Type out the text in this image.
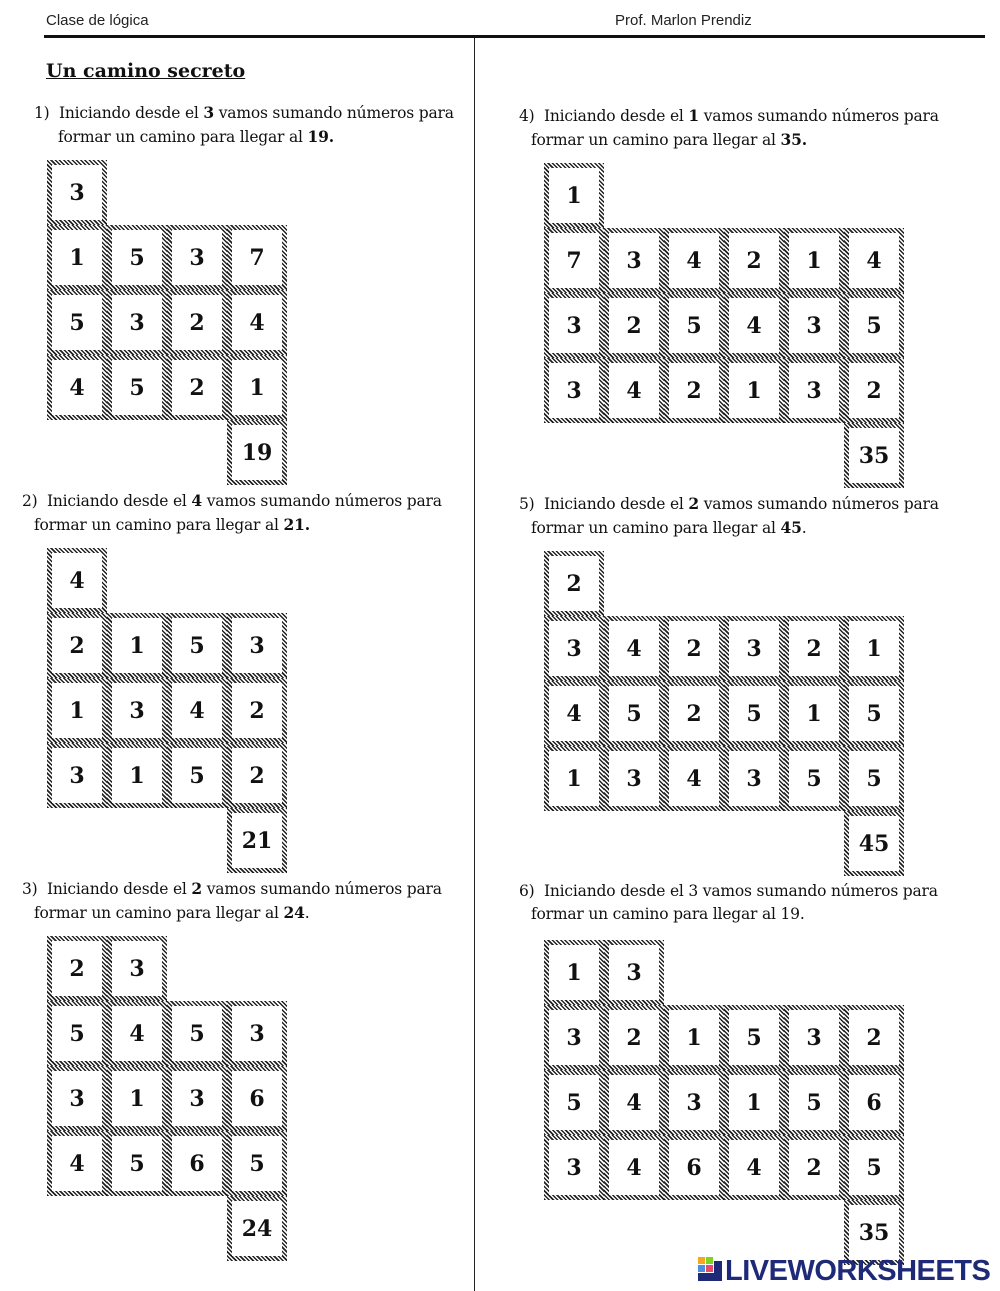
Clase de lógica	Prof. Marlon Prendiz
Un camino secreto
1)  Iniciando desde el 3 vamos sumando números para
formar un camino para llegar al 19.
3
1	5	3	7
5	3	2	4
4	5	2	1
19
2)  Iniciando desde el 4 vamos sumando números para
formar un camino para llegar al 21.
4
2	1	5	3
1	3	4	2
3	1	5	2
21
3)  Iniciando desde el 2 vamos sumando números para
formar un camino para llegar al 24.
2	3
5	4	5	3
3	1	3	6
4	5	6	5
24
4)  Iniciando desde el 1 vamos sumando números para
formar un camino para llegar al 35.
1
7	3	4	2	1	4
3	2	5	4	3	5
3	4	2	1	3	2
35
5)  Iniciando desde el 2 vamos sumando números para
formar un camino para llegar al 45.
2
3	4	2	3	2	1
4	5	2	5	1	5
1	3	4	3	5	5
45
6)  Iniciando desde el 3 vamos sumando números para
formar un camino para llegar al 19.
1	3
3	2	1	5	3	2
5	4	3	1	5	6
3	4	6	4	2	5
35
LIVEWORKSHEETS
